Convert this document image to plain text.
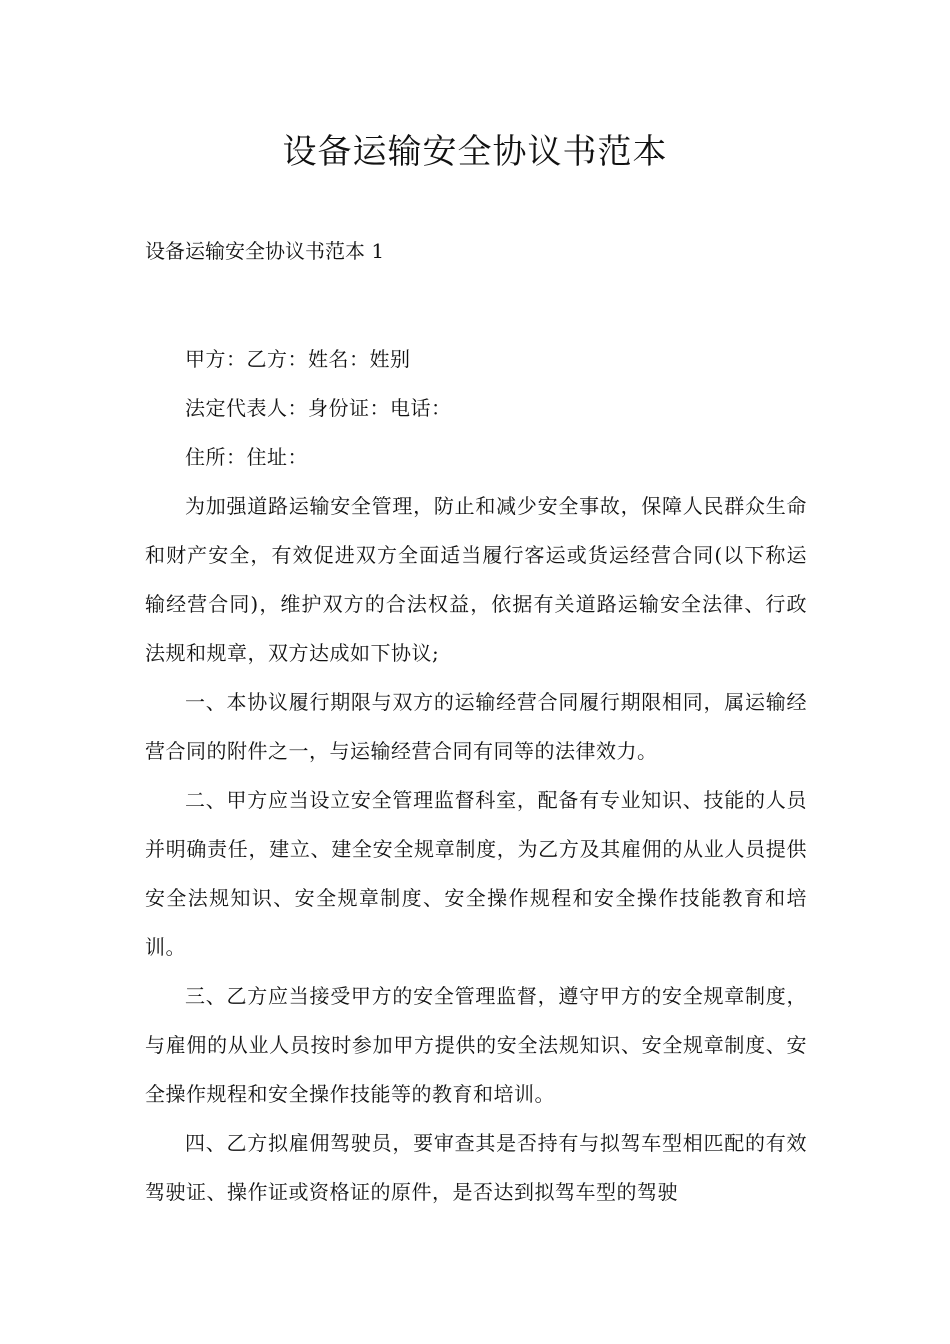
设备运输安全协议书范本

设备运输安全协议书范本 1

甲方：乙方：姓名：姓别

法定代表人：身份证：电话：

住所：住址：

为加强道路运输安全管理，防止和减少安全事故，保障人民群众生命和财产安全，有效促进双方全面适当履行客运或货运经营合同(以下称运输经营合同)，维护双方的合法权益，依据有关道路运输安全法律、行政法规和规章，双方达成如下协议;

一、本协议履行期限与双方的运输经营合同履行期限相同，属运输经营合同的附件之一，与运输经营合同有同等的法律效力。

二、甲方应当设立安全管理监督科室，配备有专业知识、技能的人员并明确责任，建立、建全安全规章制度，为乙方及其雇佣的从业人员提供安全法规知识、安全规章制度、安全操作规程和安全操作技能教育和培训。

三、乙方应当接受甲方的安全管理监督，遵守甲方的安全规章制度，与雇佣的从业人员按时参加甲方提供的安全法规知识、安全规章制度、安全操作规程和安全操作技能等的教育和培训。

四、乙方拟雇佣驾驶员，要审查其是否持有与拟驾车型相匹配的有效驾驶证、操作证或资格证的原件，是否达到拟驾车型的驾驶
